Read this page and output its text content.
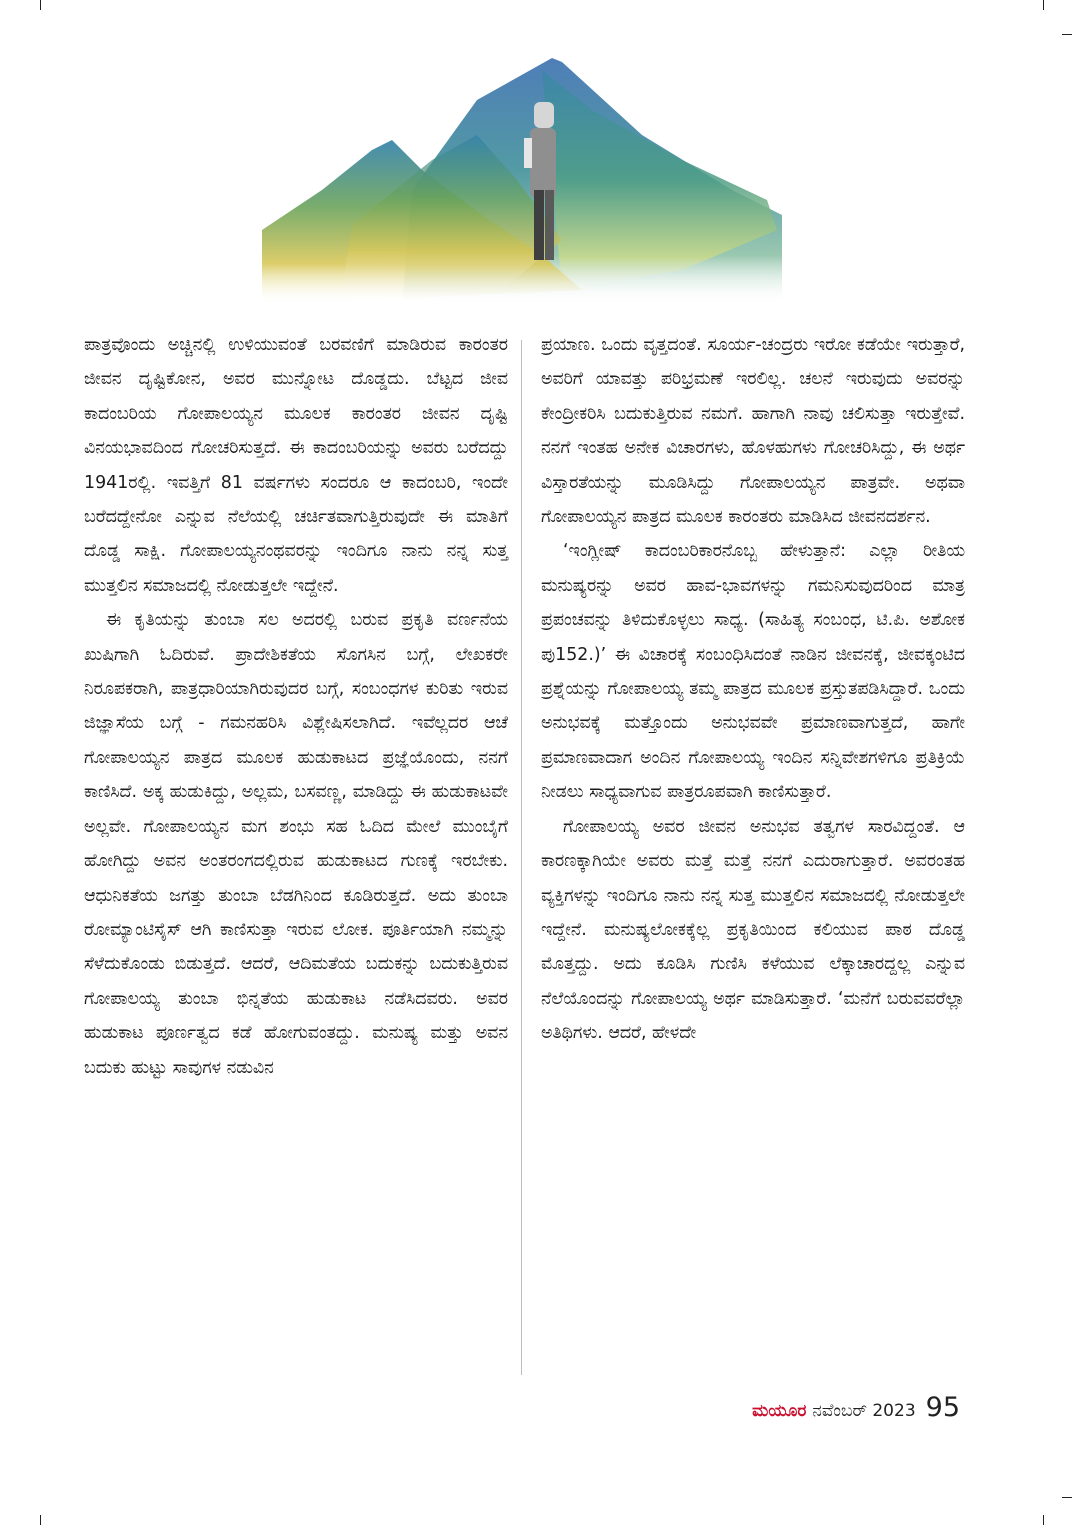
ಪಾತ್ರವೊಂದು ಅಚ್ಚಿನಲ್ಲಿ ಉಳಿಯುವಂತೆ ಬರವಣಿಗೆ ಮಾಡಿರುವ ಕಾರಂತರ ಜೀವನ ದೃಷ್ಟಿಕೋನ, ಅವರ ಮುನ್ನೋಟ ದೊಡ್ಡದು. ಬೆಟ್ಟದ ಜೀವ ಕಾದಂಬರಿಯ ಗೋಪಾಲಯ್ಯನ ಮೂಲಕ ಕಾರಂತರ ಜೀವನ ದೃಷ್ಟಿ ವಿನಯಭಾವದಿಂದ ಗೋಚರಿಸುತ್ತದೆ. ಈ ಕಾದಂಬರಿಯನ್ನು ಅವರು ಬರೆದದ್ದು 1941ರಲ್ಲಿ. ಇವತ್ತಿಗೆ 81 ವರ್ಷಗಳು ಸಂದರೂ ಆ ಕಾದಂಬರಿ, ಇಂದೇ ಬರೆದದ್ದೇನೋ ಎನ್ನುವ ನೆಲೆಯಲ್ಲಿ ಚರ್ಚಿತವಾಗುತ್ತಿರುವುದೇ ಈ ಮಾತಿಗೆ ದೊಡ್ಡ ಸಾಕ್ಷಿ. ಗೋಪಾಲಯ್ಯನಂಥವರನ್ನು ಇಂದಿಗೂ ನಾನು ನನ್ನ ಸುತ್ತ ಮುತ್ತಲಿನ ಸಮಾಜದಲ್ಲಿ ನೋಡುತ್ತಲೇ ಇದ್ದೇನೆ.

ಈ ಕೃತಿಯನ್ನು ತುಂಬಾ ಸಲ ಅದರಲ್ಲಿ ಬರುವ ಪ್ರಕೃತಿ ವರ್ಣನೆಯ ಖುಷಿಗಾಗಿ ಓದಿರುವೆ. ಪ್ರಾದೇಶಿಕತೆಯ ಸೊಗಸಿನ ಬಗ್ಗೆ, ಲೇಖಕರೇ ನಿರೂಪಕರಾಗಿ, ಪಾತ್ರಧಾರಿಯಾಗಿರುವುದರ ಬಗ್ಗೆ, ಸಂಬಂಧಗಳ ಕುರಿತು ಇರುವ ಜಿಜ್ಞಾಸೆಯ ಬಗ್ಗೆ - ಗಮನಹರಿಸಿ ವಿಶ್ಲೇಷಿಸಲಾಗಿದೆ. ಇವೆಲ್ಲದರ ಆಚೆ ಗೋಪಾಲಯ್ಯನ ಪಾತ್ರದ ಮೂಲಕ ಹುಡುಕಾಟದ ಪ್ರಜ್ಞೆಯೊಂದು, ನನಗೆ ಕಾಣಿಸಿದೆ. ಅಕ್ಕ ಹುಡುಕಿದ್ದು, ಅಲ್ಲಮ, ಬಸವಣ್ಣ, ಮಾಡಿದ್ದು ಈ ಹುಡುಕಾಟವೇ ಅಲ್ಲವೇ. ಗೋಪಾಲಯ್ಯನ ಮಗ ಶಂಭು ಸಹ ಓದಿದ ಮೇಲೆ ಮುಂಬೈಗೆ ಹೋಗಿದ್ದು ಅವನ ಅಂತರಂಗದಲ್ಲಿರುವ ಹುಡುಕಾಟದ ಗುಣಕ್ಕೆ ಇರಬೇಕು. ಆಧುನಿಕತೆಯ ಜಗತ್ತು ತುಂಬಾ ಬೆಡಗಿನಿಂದ ಕೂಡಿರುತ್ತದೆ. ಅದು ತುಂಬಾ ರೋಮ್ಯಾಂಟಿಸೈಸ್ ಆಗಿ ಕಾಣಿಸುತ್ತಾ ಇರುವ ಲೋಕ. ಪೂರ್ತಿಯಾಗಿ ನಮ್ಮನ್ನು ಸೆಳೆದುಕೊಂಡು ಬಿಡುತ್ತದೆ. ಆದರೆ, ಆದಿಮತೆಯ ಬದುಕನ್ನು ಬದುಕುತ್ತಿರುವ ಗೋಪಾಲಯ್ಯ ತುಂಬಾ ಭಿನ್ನತೆಯ ಹುಡುಕಾಟ ನಡೆಸಿದವರು. ಅವರ ಹುಡುಕಾಟ ಪೂರ್ಣತ್ವದ ಕಡೆ ಹೋಗುವಂತದ್ದು. ಮನುಷ್ಯ ಮತ್ತು ಅವನ ಬದುಕು ಹುಟ್ಟು ಸಾವುಗಳ ನಡುವಿನ

ಪ್ರಯಾಣ. ಒಂದು ವೃತ್ತದಂತೆ. ಸೂರ್ಯ-ಚಂದ್ರರು ಇರೋ ಕಡೆಯೇ ಇರುತ್ತಾರೆ, ಅವರಿಗೆ ಯಾವತ್ತು ಪರಿಭ್ರಮಣೆ ಇರಲಿಲ್ಲ. ಚಲನೆ ಇರುವುದು ಅವರನ್ನು ಕೇಂದ್ರೀಕರಿಸಿ ಬದುಕುತ್ತಿರುವ ನಮಗೆ. ಹಾಗಾಗಿ ನಾವು ಚಲಿಸುತ್ತಾ ಇರುತ್ತೇವೆ. ನನಗೆ ಇಂತಹ ಅನೇಕ ವಿಚಾರಗಳು, ಹೊಳಹುಗಳು ಗೋಚರಿಸಿದ್ದು, ಈ ಅರ್ಥ ವಿಸ್ತಾರತೆಯನ್ನು ಮೂಡಿಸಿದ್ದು ಗೋಪಾಲಯ್ಯನ ಪಾತ್ರವೇ. ಅಥವಾ ಗೋಪಾಲಯ್ಯನ ಪಾತ್ರದ ಮೂಲಕ ಕಾರಂತರು ಮಾಡಿಸಿದ ಜೀವನದರ್ಶನ.

‘ಇಂಗ್ಲೀಷ್ ಕಾದಂಬರಿಕಾರನೊಬ್ಬ ಹೇಳುತ್ತಾನೆ: ಎಲ್ಲಾ ರೀತಿಯ ಮನುಷ್ಯರನ್ನು ಅವರ ಹಾವ-ಭಾವಗಳನ್ನು ಗಮನಿಸುವುದರಿಂದ ಮಾತ್ರ ಪ್ರಪಂಚವನ್ನು ತಿಳಿದುಕೊಳ್ಳಲು ಸಾಧ್ಯ. (ಸಾಹಿತ್ಯ ಸಂಬಂಧ, ಟಿ.ಪಿ. ಅಶೋಕ ಪು152.)’ ಈ ವಿಚಾರಕ್ಕೆ ಸಂಬಂಧಿಸಿದಂತೆ ನಾಡಿನ ಜೀವನಕ್ಕೆ, ಜೀವಕ್ಕಂಟಿದ ಪ್ರಶ್ನೆಯನ್ನು ಗೋಪಾಲಯ್ಯ ತಮ್ಮ ಪಾತ್ರದ ಮೂಲಕ ಪ್ರಸ್ತುತಪಡಿಸಿದ್ದಾರೆ. ಒಂದು ಅನುಭವಕ್ಕೆ ಮತ್ತೊಂದು ಅನುಭವವೇ ಪ್ರಮಾಣವಾಗುತ್ತದೆ, ಹಾಗೇ ಪ್ರಮಾಣವಾದಾಗ ಅಂದಿನ ಗೋಪಾಲಯ್ಯ ಇಂದಿನ ಸನ್ನಿವೇಶಗಳಿಗೂ ಪ್ರತಿಕ್ರಿಯೆ ನೀಡಲು ಸಾಧ್ಯವಾಗುವ ಪಾತ್ರರೂಪವಾಗಿ ಕಾಣಿಸುತ್ತಾರೆ.

ಗೋಪಾಲಯ್ಯ ಅವರ ಜೀವನ ಅನುಭವ ತತ್ವಗಳ ಸಾರವಿದ್ದಂತೆ. ಆ ಕಾರಣಕ್ಕಾಗಿಯೇ ಅವರು ಮತ್ತೆ ಮತ್ತೆ ನನಗೆ ಎದುರಾಗುತ್ತಾರೆ. ಅವರಂತಹ ವ್ಯಕ್ತಿಗಳನ್ನು ಇಂದಿಗೂ ನಾನು ನನ್ನ ಸುತ್ತ ಮುತ್ತಲಿನ ಸಮಾಜದಲ್ಲಿ ನೋಡುತ್ತಲೇ ಇದ್ದೇನೆ. ಮನುಷ್ಯಲೋಕಕ್ಕೆಲ್ಲ ಪ್ರಕೃತಿಯಿಂದ ಕಲಿಯುವ ಪಾಠ ದೊಡ್ಡ ಮೊತ್ತದ್ದು. ಅದು ಕೂಡಿಸಿ ಗುಣಿಸಿ ಕಳೆಯುವ ಲೆಕ್ಕಾಚಾರದ್ದಲ್ಲ ಎನ್ನುವ ನೆಲೆಯೊಂದನ್ನು ಗೋಪಾಲಯ್ಯ ಅರ್ಥ ಮಾಡಿಸುತ್ತಾರೆ. ‘ಮನೆಗೆ ಬರುವವರೆಲ್ಲಾ ಅತಿಥಿಗಳು. ಆದರೆ, ಹೇಳದೇ

ಮಯೂರ ನವೆಂಬರ್ 2023 95
